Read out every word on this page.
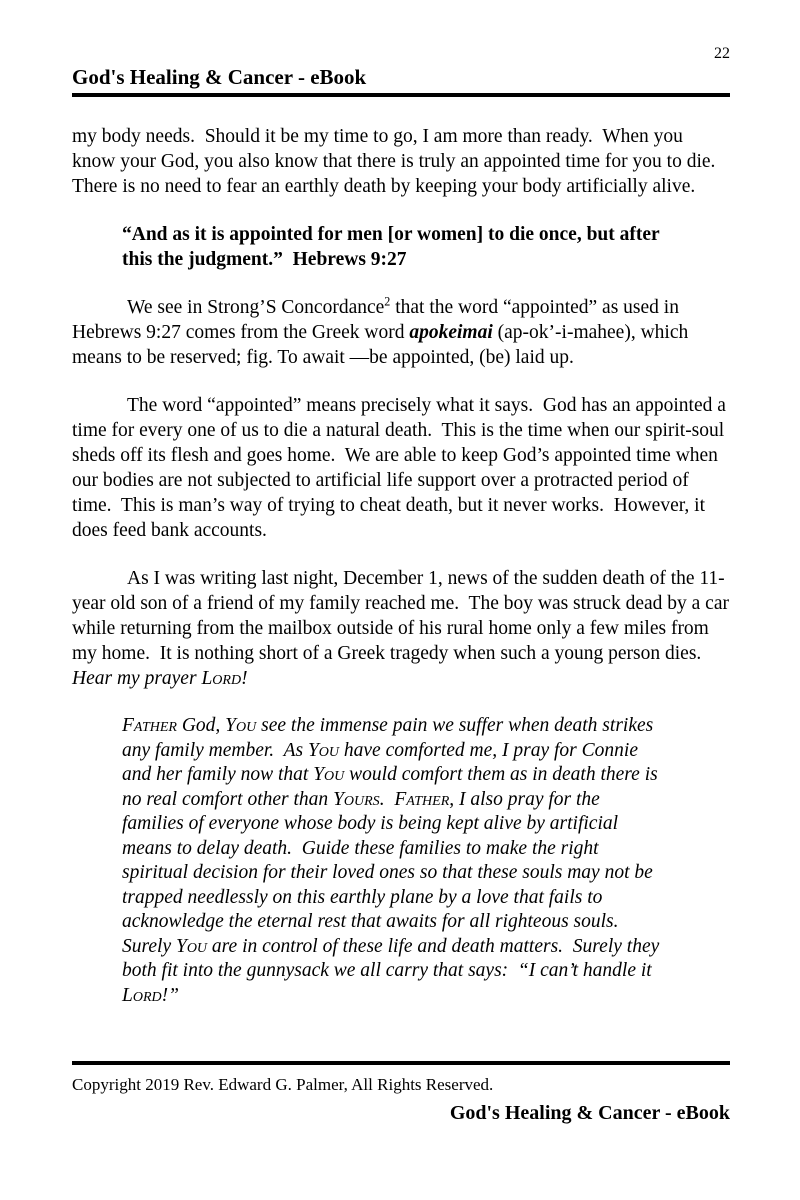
22
God's Healing & Cancer - eBook

my body needs.  Should it be my time to go, I am more than ready.  When you know your God, you also know that there is truly an appointed time for you to die.  There is no need to fear an earthly death by keeping your body artificially alive.

“And as it is appointed for men [or women] to die once, but after this the judgment.”  Hebrews 9:27

We see in Strong’S Concordance$^2$ that the word “appointed” as used in Hebrews 9:27 comes from the Greek word apokeimai (ap-ok’-i-mahee), which means to be reserved; fig. To await —be appointed, (be) laid up.

The word “appointed” means precisely what it says.  God has an appointed a time for every one of us to die a natural death.  This is the time when our spirit-soul sheds off its flesh and goes home.  We are able to keep God’s appointed time when our bodies are not subjected to artificial life support over a protracted period of time.  This is man’s way of trying to cheat death, but it never works.  However, it does feed bank accounts.

As I was writing last night, December 1, news of the sudden death of the 11-year old son of a friend of my family reached me.  The boy was struck dead by a car while returning from the mailbox outside of his rural home only a few miles from my home.  It is nothing short of a Greek tragedy when such a young person dies.  Hear my prayer Lord!

Father God, You see the immense pain we suffer when death strikes any family member.  As You have comforted me, I pray for Connie and her family now that You would comfort them as in death there is no real comfort other than Yours.  Father, I also pray for the families of everyone whose body is being kept alive by artificial means to delay death.  Guide these families to make the right spiritual decision for their loved ones so that these souls may not be trapped needlessly on this earthly plane by a love that fails to acknowledge the eternal rest that awaits for all righteous souls.  Surely You are in control of these life and death matters.  Surely they both fit into the gunnysack we all carry that says:  “I can’t handle it Lord!”

Copyright 2019 Rev. Edward G. Palmer, All Rights Reserved.
God's Healing & Cancer - eBook
